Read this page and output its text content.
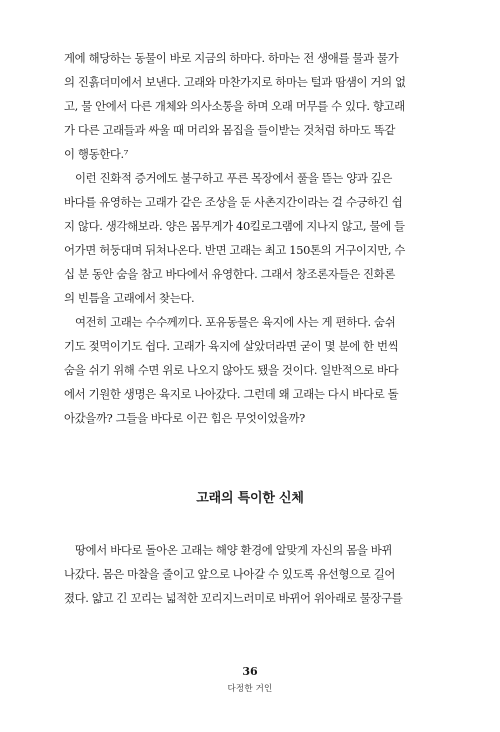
게에 해당하는 동물이 바로 지금의 하마다. 하마는 전 생애를 물과 물가
의 진흙더미에서 보낸다. 고래와 마찬가지로 하마는 털과 땀샘이 거의 없
고, 물 안에서 다른 개체와 의사소통을 하며 오래 머무를 수 있다. 향고래
가 다른 고래들과 싸울 때 머리와 몸집을 들이받는 것처럼 하마도 똑같
이 행동한다.⁷
이런 진화적 증거에도 불구하고 푸른 목장에서 풀을 뜯는 양과 깊은
바다를 유영하는 고래가 같은 조상을 둔 사촌지간이라는 걸 수긍하긴 쉽
지 않다. 생각해보라. 양은 몸무게가 40킬로그램에 지나지 않고, 물에 들
어가면 허둥대며 뒤쳐나온다. 반면 고래는 최고 150톤의 거구이지만, 수
십 분 동안 숨을 참고 바다에서 유영한다. 그래서 창조론자들은 진화론
의 빈틈을 고래에서 찾는다.
여전히 고래는 수수께끼다. 포유동물은 육지에 사는 게 편하다. 숨쉬
기도 젖먹이기도 쉽다. 고래가 육지에 살았더라면 굳이 몇 분에 한 번씩
숨을 쉬기 위해 수면 위로 나오지 않아도 됐을 것이다. 일반적으로 바다
에서 기원한 생명은 육지로 나아갔다. 그런데 왜 고래는 다시 바다로 돌
아갔을까? 그들을 바다로 이끈 힘은 무엇이었을까?
고래의 특이한 신체
땅에서 바다로 돌아온 고래는 해양 환경에 알맞게 자신의 몸을 바뀌
나갔다. 몸은 마찰을 줄이고 앞으로 나아갈 수 있도록 유선형으로 길어
졌다. 얇고 긴 꼬리는 넓적한 꼬리지느러미로 바뀌어 위아래로 물장구를
36
다정한 거인
